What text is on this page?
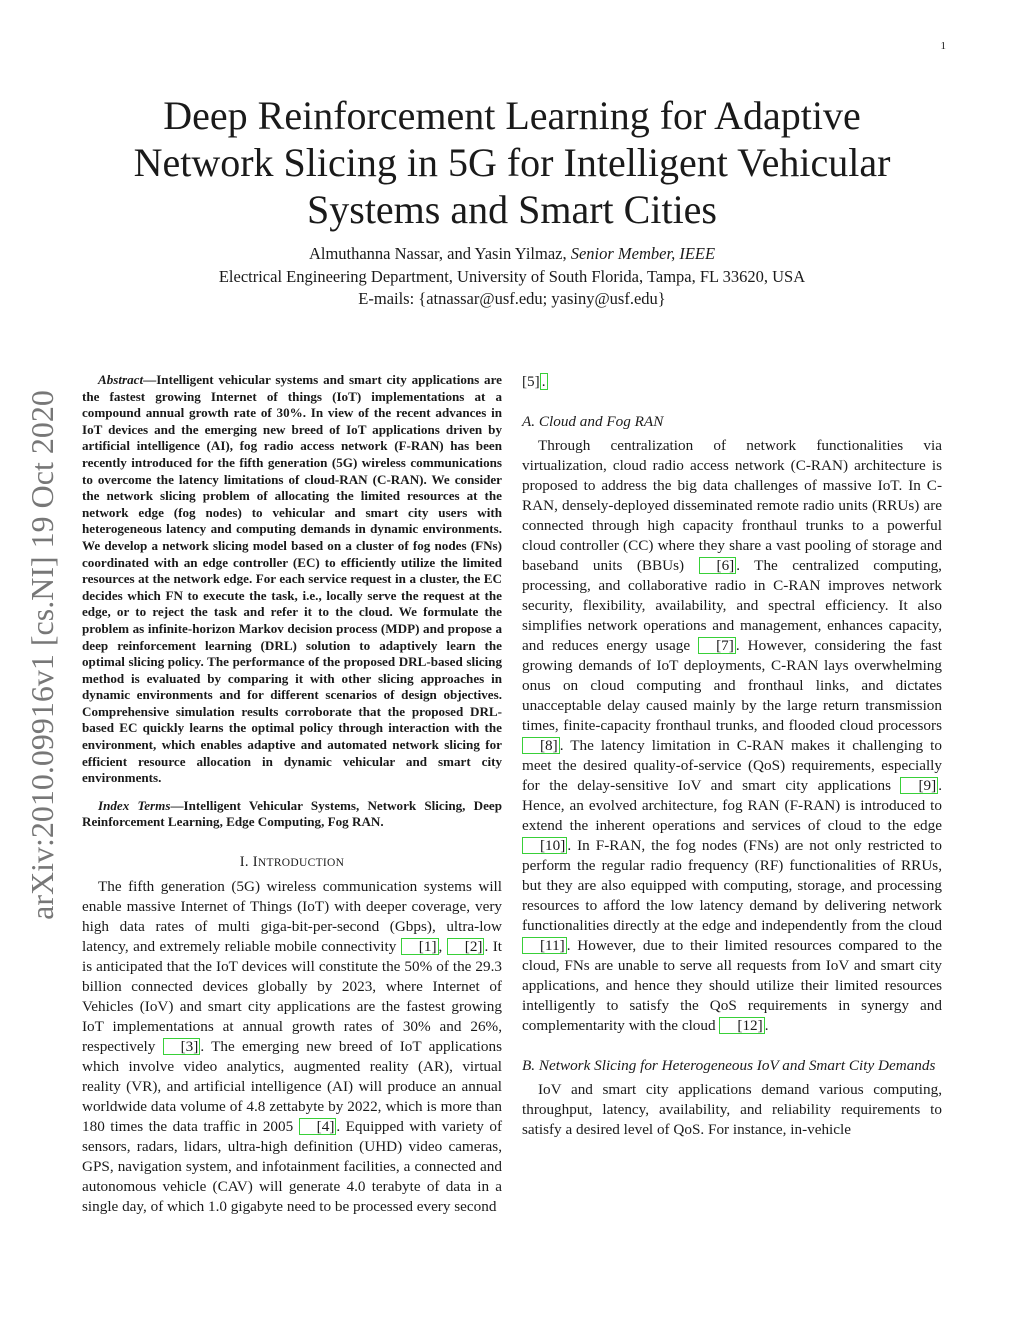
1
Deep Reinforcement Learning for Adaptive Network Slicing in 5G for Intelligent Vehicular Systems and Smart Cities
Almuthanna Nassar, and Yasin Yilmaz, Senior Member, IEEE
Electrical Engineering Department, University of South Florida, Tampa, FL 33620, USA
E-mails: {atnassar@usf.edu; yasiny@usf.edu}
arXiv:2010.09916v1 [cs.NI] 19 Oct 2020

Abstract—Intelligent vehicular systems and smart city applications are the fastest growing Internet of things (IoT) implementations at a compound annual growth rate of 30%. In view of the recent advances in IoT devices and the emerging new breed of IoT applications driven by artificial intelligence (AI), fog radio access network (F-RAN) has been recently introduced for the fifth generation (5G) wireless communications to overcome the latency limitations of cloud-RAN (C-RAN). We consider the network slicing problem of allocating the limited resources at the network edge (fog nodes) to vehicular and smart city users with heterogeneous latency and computing demands in dynamic environments. We develop a network slicing model based on a cluster of fog nodes (FNs) coordinated with an edge controller (EC) to efficiently utilize the limited resources at the network edge. For each service request in a cluster, the EC decides which FN to execute the task, i.e., locally serve the request at the edge, or to reject the task and refer it to the cloud. We formulate the problem as infinite-horizon Markov decision process (MDP) and propose a deep reinforcement learning (DRL) solution to adaptively learn the optimal slicing policy. The performance of the proposed DRL-based slicing method is evaluated by comparing it with other slicing approaches in dynamic environments and for different scenarios of design objectives. Comprehensive simulation results corroborate that the proposed DRL-based EC quickly learns the optimal policy through interaction with the environment, which enables adaptive and automated network slicing for efficient resource allocation in dynamic vehicular and smart city environments.

Index Terms—Intelligent Vehicular Systems, Network Slicing, Deep Reinforcement Learning, Edge Computing, Fog RAN.

I. INTRODUCTION

The fifth generation (5G) wireless communication systems will enable massive Internet of Things (IoT) with deeper coverage, very high data rates of multi giga-bit-per-second (Gbps), ultra-low latency, and extremely reliable mobile connectivity [1] , [2] . It is anticipated that the IoT devices will constitute the 50% of the 29.3 billion connected devices globally by 2023, where Internet of Vehicles (IoV) and smart city applications are the fastest growing IoT implementations at annual growth rates of 30% and 26%, respectively [3] . The emerging new breed of IoT applications which involve video analytics, augmented reality (AR), virtual reality (VR), and artificial intelligence (AI) will produce an annual worldwide data volume of 4.8 zettabyte by 2022, which is more than 180 times the data traffic in 2005 [4] . Equipped with variety of sensors, radars, lidars, ultra-high definition (UHD) video cameras, GPS, navigation system, and infotainment facilities, a connected and autonomous vehicle (CAV) will generate 4.0 terabyte of data in a single day, of which 1.0 gigabyte need to be processed every second

[5] .

A. Cloud and Fog RAN

Through centralization of network functionalities via virtualization, cloud radio access network (C-RAN) architecture is proposed to address the big data challenges of massive IoT. In C-RAN, densely-deployed disseminated remote radio units (RRUs) are connected through high capacity fronthaul trunks to a powerful cloud controller (CC) where they share a vast pooling of storage and baseband units (BBUs) [6] . The centralized computing, processing, and collaborative radio in C-RAN improves network security, flexibility, availability, and spectral efficiency. It also simplifies network operations and management, enhances capacity, and reduces energy usage [7] . However, considering the fast growing demands of IoT deployments, C-RAN lays overwhelming onus on cloud computing and fronthaul links, and dictates unacceptable delay caused mainly by the large return transmission times, finite-capacity fronthaul trunks, and flooded cloud processors [8] . The latency limitation in C-RAN makes it challenging to meet the desired quality-of-service (QoS) requirements, especially for the delay-sensitive IoV and smart city applications [9] . Hence, an evolved architecture, fog RAN (F-RAN) is introduced to extend the inherent operations and services of cloud to the edge [10] . In F-RAN, the fog nodes (FNs) are not only restricted to perform the regular radio frequency (RF) functionalities of RRUs, but they are also equipped with computing, storage, and processing resources to afford the low latency demand by delivering network functionalities directly at the edge and independently from the cloud [11] . However, due to their limited resources compared to the cloud, FNs are unable to serve all requests from IoV and smart city applications, and hence they should utilize their limited resources intelligently to satisfy the QoS requirements in synergy and complementarity with the cloud [12] .

B. Network Slicing for Heterogeneous IoV and Smart City Demands

IoV and smart city applications demand various computing, throughput, latency, availability, and reliability requirements to satisfy a desired level of QoS. For instance, in-vehicle
